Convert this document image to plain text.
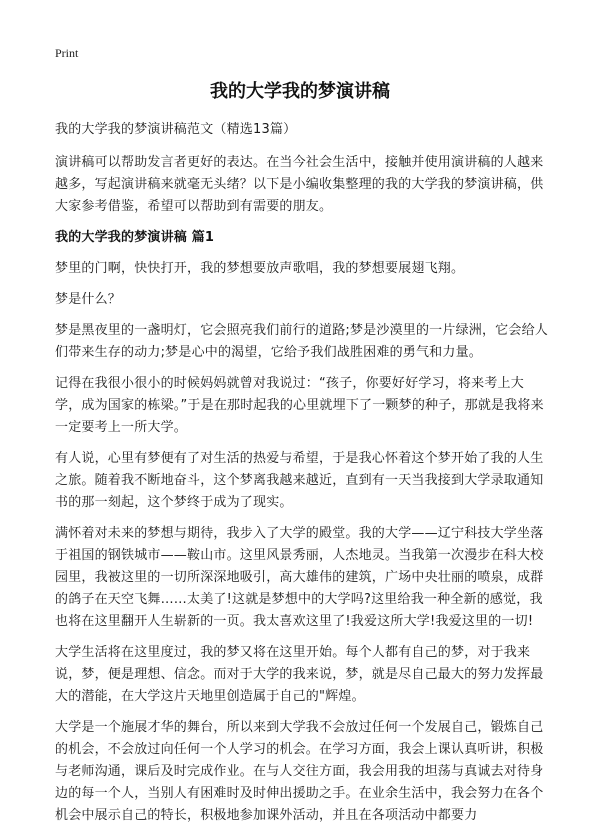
Print
我的大学我的梦演讲稿

我的大学我的梦演讲稿范文（精选13篇）

演讲稿可以帮助发言者更好的表达。在当今社会生活中，接触并使用演讲稿的人越来越多，写起演讲稿来就毫无头绪？以下是小编收集整理的我的大学我的梦演讲稿，供大家参考借鉴，希望可以帮助到有需要的朋友。

我的大学我的梦演讲稿 篇1

梦里的门啊，快快打开，我的梦想要放声歌唱，我的梦想要展翅飞翔。

梦是什么？

梦是黑夜里的一盏明灯，它会照亮我们前行的道路;梦是沙漠里的一片绿洲，它会给人们带来生存的动力;梦是心中的渴望，它给予我们战胜困难的勇气和力量。

记得在我很小很小的时候妈妈就曾对我说过：“孩子，你要好好学习，将来考上大学，成为国家的栋梁。”于是在那时起我的心里就埋下了一颗梦的种子，那就是我将来一定要考上一所大学。

有人说，心里有梦便有了对生活的热爱与希望，于是我心怀着这个梦开始了我的人生之旅。随着我不断地奋斗，这个梦离我越来越近，直到有一天当我接到大学录取通知书的那一刻起，这个梦终于成为了现实。

满怀着对未来的梦想与期待，我步入了大学的殿堂。我的大学——辽宁科技大学坐落于祖国的钢铁城市——鞍山市。这里风景秀丽，人杰地灵。当我第一次漫步在科大校园里，我被这里的一切所深深地吸引，高大雄伟的建筑，广场中央壮丽的喷泉，成群的鸽子在天空飞舞……太美了!这就是梦想中的大学吗?这里给我一种全新的感觉，我也将在这里翻开人生崭新的一页。我太喜欢这里了!我爱这所大学!我爱这里的一切!

大学生活将在这里度过，我的梦又将在这里开始。每个人都有自己的梦，对于我来说，梦，便是理想、信念。而对于大学的我来说，梦，就是尽自己最大的努力发挥最大的潜能，在大学这片天地里创造属于自己的"辉煌。

大学是一个施展才华的舞台，所以来到大学我不会放过任何一个发展自己，锻炼自己的机会，不会放过向任何一个人学习的机会。在学习方面，我会上课认真听讲，积极与老师沟通，课后及时完成作业。在与人交往方面，我会用我的坦荡与真诚去对待身边的每一个人，当别人有困难时及时伸出援助之手。在业余生活中，我会努力在各个机会中展示自己的特长，积极地参加课外活动，并且在各项活动中都要力
